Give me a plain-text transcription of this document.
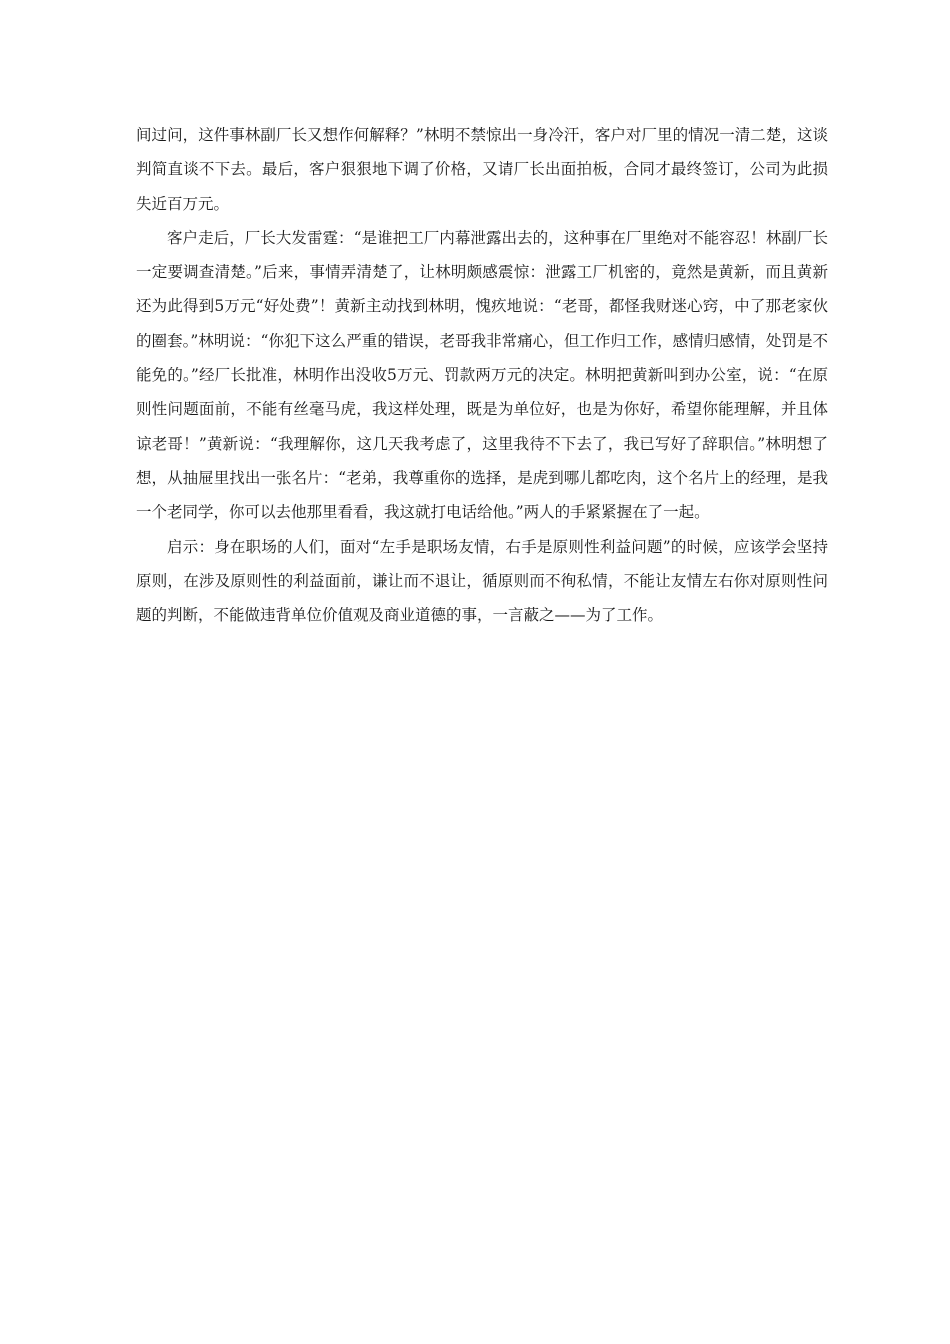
间过问，这件事林副厂长又想作何解释？”林明不禁惊出一身冷汗，客户对厂里的情况一清二楚，这谈判简直谈不下去。最后，客户狠狠地下调了价格，又请厂长出面拍板，合同才最终签订，公司为此损失近百万元。

客户走后，厂长大发雷霆：“是谁把工厂内幕泄露出去的，这种事在厂里绝对不能容忍！林副厂长一定要调查清楚。”后来，事情弄清楚了，让林明颇感震惊：泄露工厂机密的，竟然是黄新，而且黄新还为此得到5万元“好处费”！黄新主动找到林明，愧疚地说：“老哥，都怪我财迷心窍，中了那老家伙的圈套。”林明说：“你犯下这么严重的错误，老哥我非常痛心，但工作归工作，感情归感情，处罚是不能免的。”经厂长批准，林明作出没收5万元、罚款两万元的决定。林明把黄新叫到办公室，说：“在原则性问题面前，不能有丝毫马虎，我这样处理，既是为单位好，也是为你好，希望你能理解，并且体谅老哥！”黄新说：“我理解你，这几天我考虑了，这里我待不下去了，我已写好了辞职信。”林明想了想，从抽屉里找出一张名片：“老弟，我尊重你的选择，是虎到哪儿都吃肉，这个名片上的经理，是我一个老同学，你可以去他那里看看，我这就打电话给他。”两人的手紧紧握在了一起。

启示：身在职场的人们，面对“左手是职场友情，右手是原则性利益问题”的时候，应该学会坚持原则，在涉及原则性的利益面前，谦让而不退让，循原则而不徇私情，不能让友情左右你对原则性问题的判断，不能做违背单位价值观及商业道德的事，一言蔽之——为了工作。
